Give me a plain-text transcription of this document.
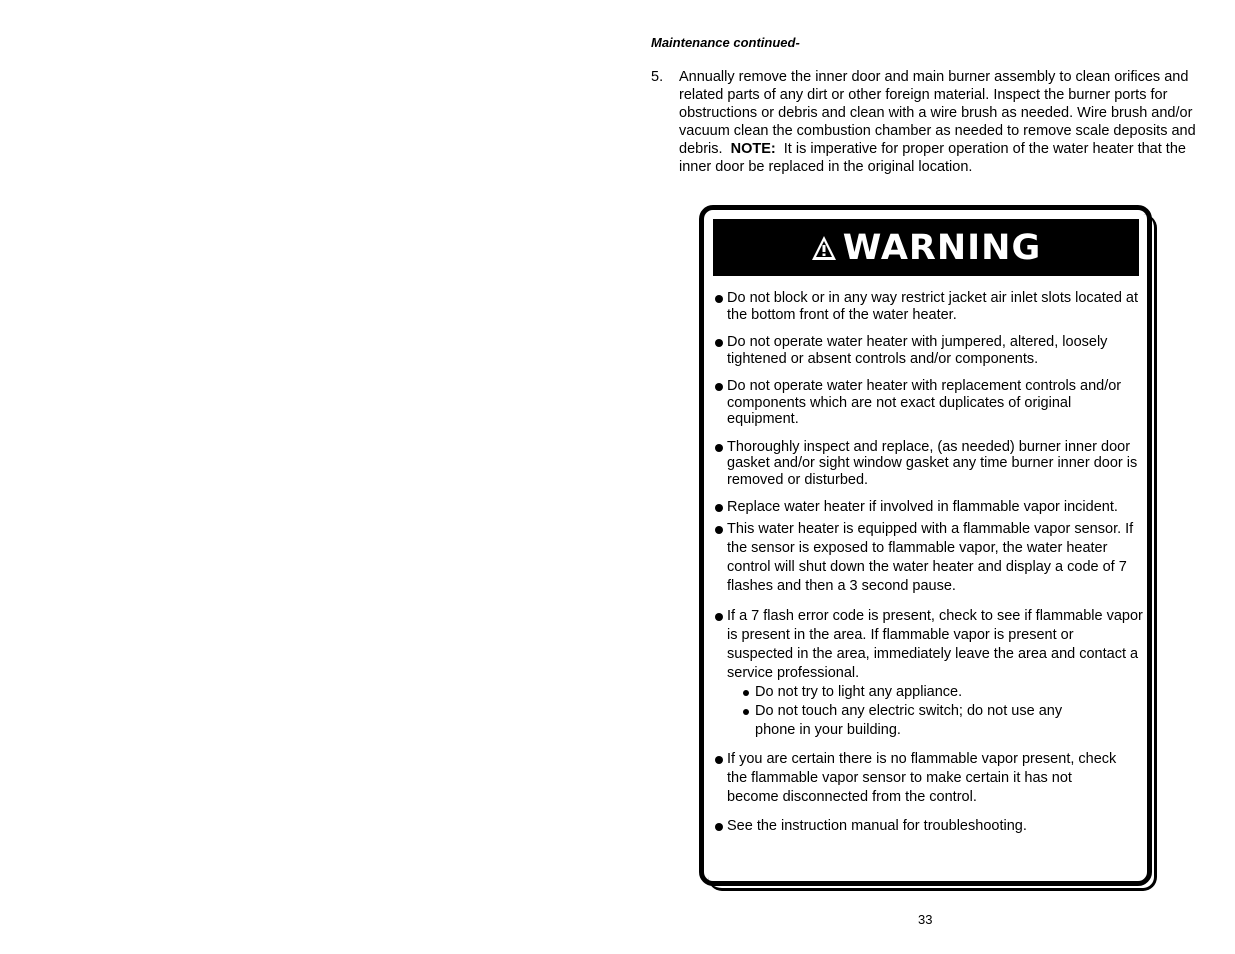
Maintenance continued-
5. Annually remove the inner door and main burner assembly to clean orifices and related parts of any dirt or other foreign material. Inspect the burner ports for obstructions or debris and clean with a wire brush as needed. Wire brush and/or vacuum clean the combustion chamber as needed to remove scale deposits and debris. NOTE: It is imperative for proper operation of the water heater that the inner door be replaced in the original location.
WARNING
Do not block or in any way restrict jacket air inlet slots located at the bottom front of the water heater.
Do not operate water heater with jumpered, altered, loosely tightened or absent controls and/or components.
Do not operate water heater with replacement controls and/or components which are not exact duplicates of original equipment.
Thoroughly inspect and replace, (as needed) burner inner door gasket and/or sight window gasket any time burner inner door is removed or disturbed.
Replace water heater if involved in flammable vapor incident.
This water heater is equipped with a flammable vapor sensor. If the sensor is exposed to flammable vapor, the water heater control will shut down the water heater and display a code of 7 flashes and then a 3 second pause.
If a 7 flash error code is present, check to see if flammable vapor is present in the area. If flammable vapor is present or suspected in the area, immediately leave the area and contact a service professional.
Do not try to light any appliance.
Do not touch any electric switch; do not use any phone in your building.
If you are certain there is no flammable vapor present, check the flammable vapor sensor to make certain it has not become disconnected from the control.
See the instruction manual for troubleshooting.
33
